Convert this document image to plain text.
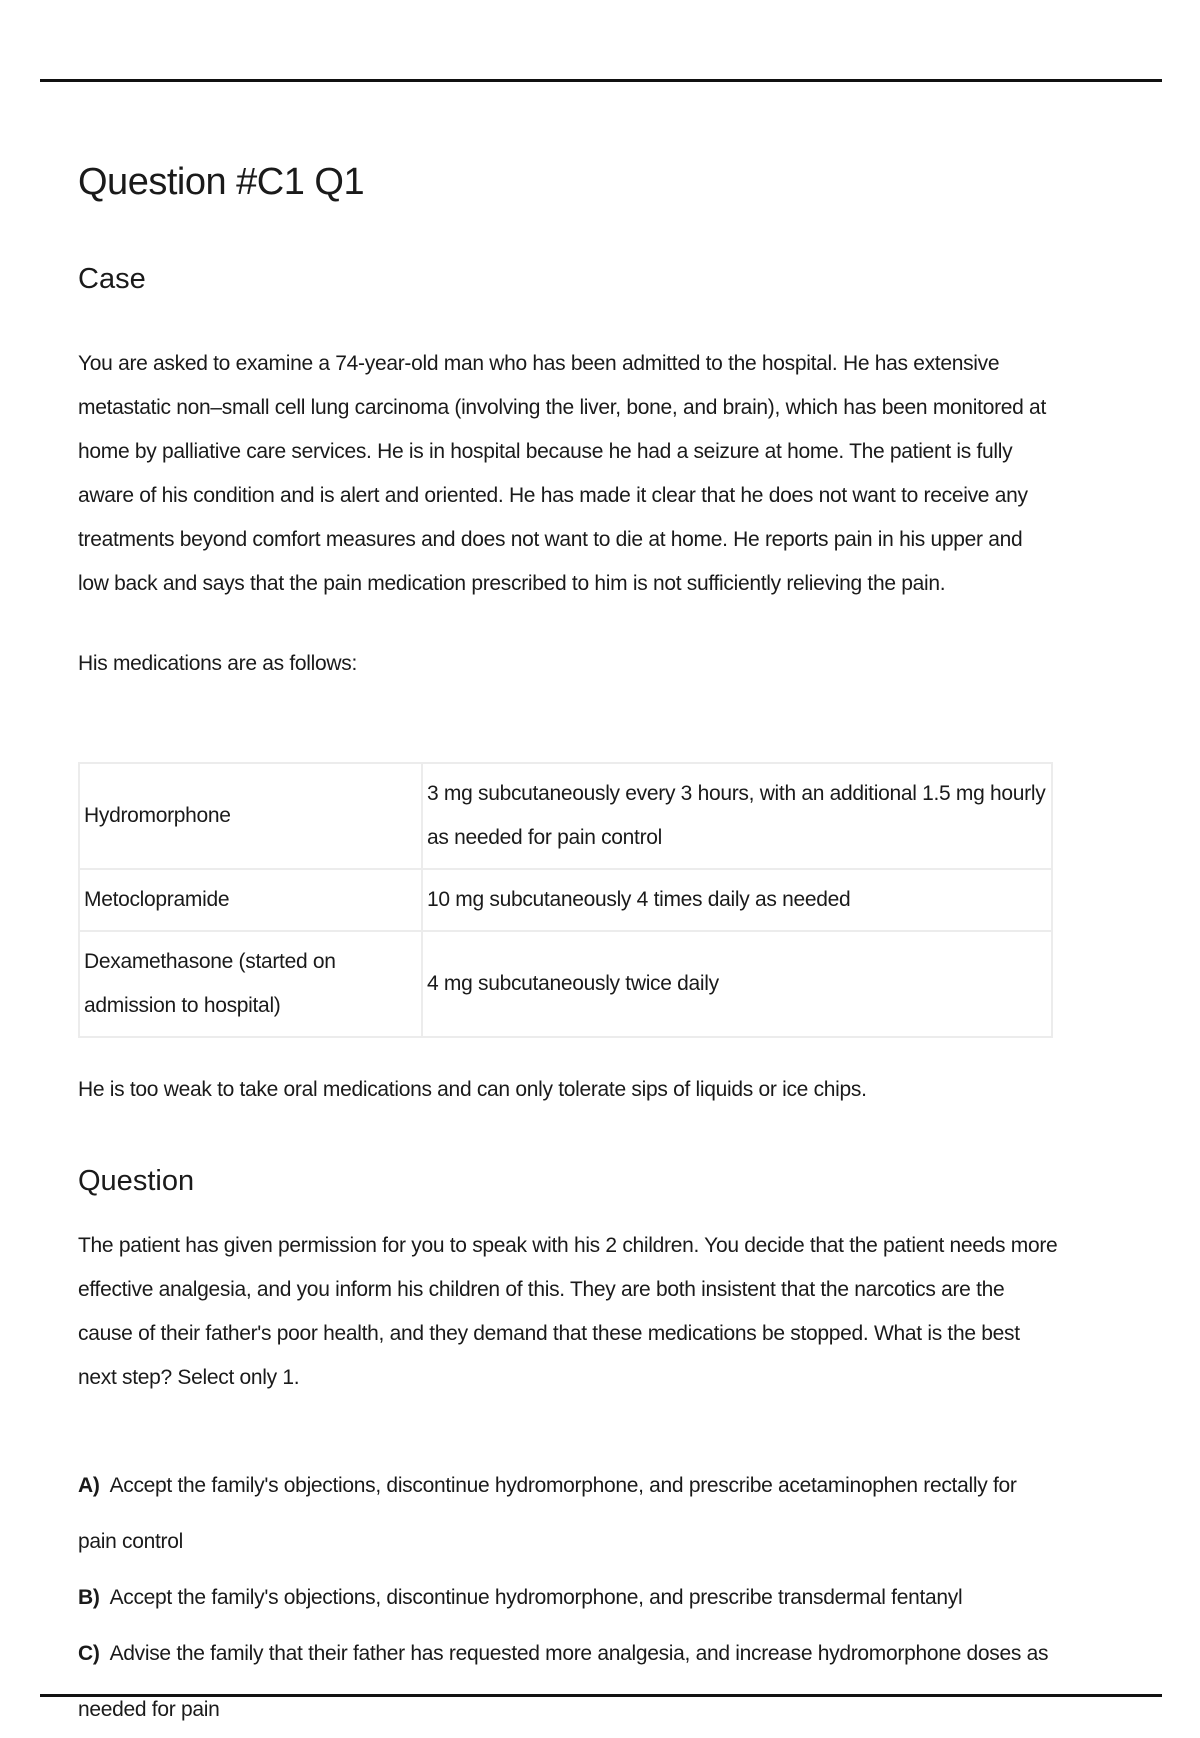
Question #C1 Q1
Case

You are asked to examine a 74-year-old man who has been admitted to the hospital. He has extensive metastatic non–small cell lung carcinoma (involving the liver, bone, and brain), which has been monitored at home by palliative care services. He is in hospital because he had a seizure at home. The patient is fully aware of his condition and is alert and oriented. He has made it clear that he does not want to receive any treatments beyond comfort measures and does not want to die at home. He reports pain in his upper and low back and says that the pain medication prescribed to him is not sufficiently relieving the pain.

His medications are as follows:

Hydromorphone	3 mg subcutaneously every 3 hours, with an additional 1.5 mg hourly as needed for pain control
Metoclopramide	10 mg subcutaneously 4 times daily as needed
Dexamethasone (started on admission to hospital)	4 mg subcutaneously twice daily

He is too weak to take oral medications and can only tolerate sips of liquids or ice chips.

Question

The patient has given permission for you to speak with his 2 children. You decide that the patient needs more effective analgesia, and you inform his children of this. They are both insistent that the narcotics are the cause of their father's poor health, and they demand that these medications be stopped. What is the best next step? Select only 1.

A) Accept the family's objections, discontinue hydromorphone, and prescribe acetaminophen rectally for pain control
B) Accept the family's objections, discontinue hydromorphone, and prescribe transdermal fentanyl
C) Advise the family that their father has requested more analgesia, and increase hydromorphone doses as needed for pain
